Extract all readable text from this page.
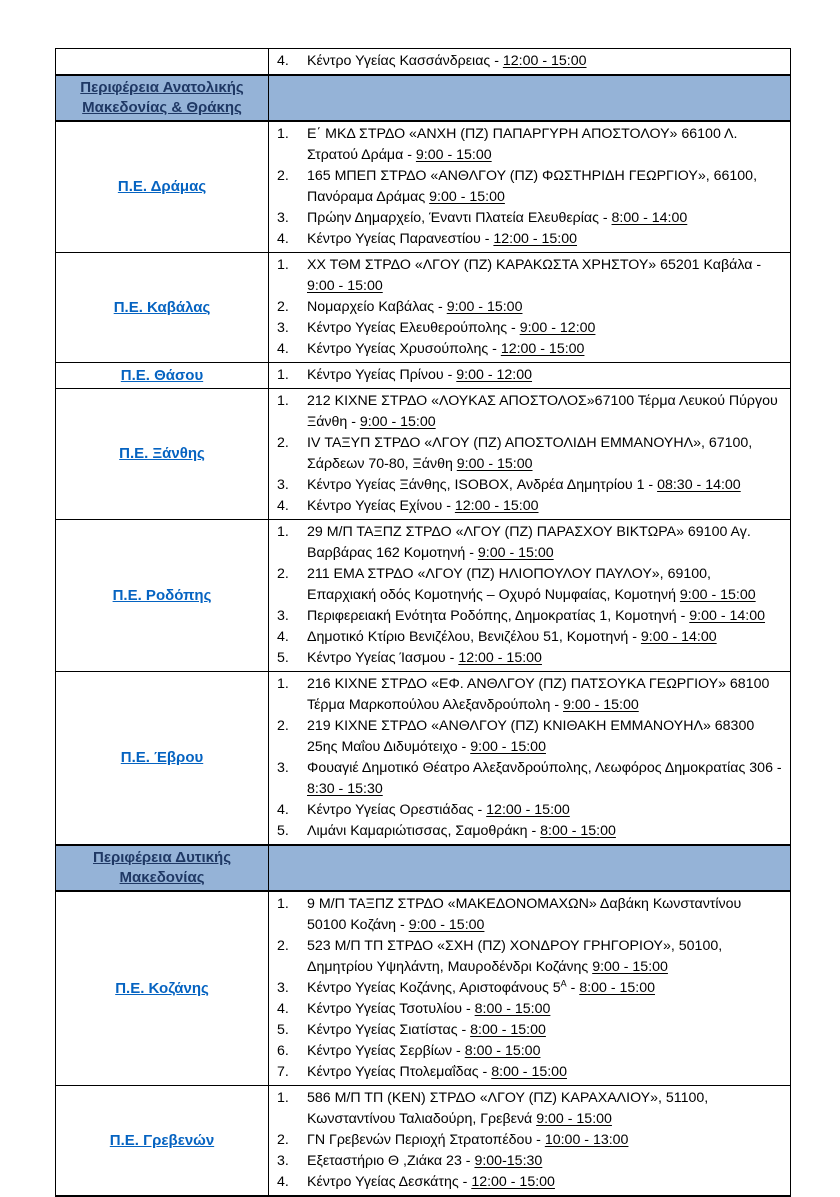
	4. Κέντρο Υγείας Κασσάνδρειας - 12:00 - 15:00

Περιφέρεια Ανατολικής Μακεδονίας & Θράκης	

Π.Ε. Δράμας	
1.	Ε΄ ΜΚΔ ΣΤΡΔΟ «ΑΝΧΗ (ΠΖ) ΠΑΠΑΡΓΥΡΗ ΑΠΟΣΤΟΛΟΥ» 66100 Λ. Στρατού Δράμα - 9:00 - 15:00
2.	165 ΜΠΕΠ ΣΤΡΔΟ «ΑΝΘΛΓΟΥ (ΠΖ) ΦΩΣΤΗΡΙΔΗ ΓΕΩΡΓΙΟΥ», 66100, Πανόραμα Δράμας 9:00 - 15:00
3.	Πρώην Δημαρχείο, Έναντι Πλατεία Ελευθερίας - 8:00 - 14:00
4.	Κέντρο Υγείας Παρανεστίου - 12:00 - 15:00

Π.Ε. Καβάλας	
1.	ΧΧ ΤΘΜ ΣΤΡΔΟ «ΛΓΟΥ (ΠΖ) ΚΑΡΑΚΩΣΤΑ ΧΡΗΣΤΟΥ» 65201 Καβάλα - 9:00 - 15:00
2.	Νομαρχείο Καβάλας - 9:00 - 15:00
3.	Κέντρο Υγείας Ελευθερούπολης - 9:00 - 12:00
4.	Κέντρο Υγείας Χρυσούπολης - 12:00 - 15:00

Π.Ε. Θάσου	1. Κέντρο Υγείας Πρίνου - 9:00 - 12:00

Π.Ε. Ξάνθης	
1.	212 ΚΙΧΝΕ ΣΤΡΔΟ «ΛΟΥΚΑΣ ΑΠΟΣΤΟΛΟΣ»67100 Τέρμα Λευκού Πύργου Ξάνθη - 9:00 - 15:00
2.	IV ΤΑΞΥΠ ΣΤΡΔΟ «ΛΓΟΥ (ΠΖ) ΑΠΟΣΤΟΛΙΔΗ ΕΜΜΑΝΟΥΗΛ», 67100, Σάρδεων 70-80, Ξάνθη 9:00 - 15:00
3.	Κέντρο Υγείας Ξάνθης, ISOBOX, Ανδρέα Δημητρίου 1 - 08:30 - 14:00
4.	Κέντρο Υγείας Εχίνου - 12:00 - 15:00

Π.Ε. Ροδόπης	
1.	29 Μ/Π ΤΑΞΠΖ ΣΤΡΔΟ «ΛΓΟΥ (ΠΖ) ΠΑΡΑΣΧΟΥ ΒΙΚΤΩΡΑ» 69100 Αγ. Βαρβάρας 162 Κομοτηνή - 9:00 - 15:00
2.	211 ΕΜΑ ΣΤΡΔΟ «ΛΓΟΥ (ΠΖ) ΗΛΙΟΠΟΥΛΟΥ ΠΑΥΛΟΥ», 69100, Επαρχιακή οδός Κομοτηνής – Οχυρό Νυμφαίας, Κομοτηνή 9:00 - 15:00
3.	Περιφερειακή Ενότητα Ροδόπης, Δημοκρατίας 1, Κομοτηνή - 9:00 - 14:00
4.	Δημοτικό Κτίριο Βενιζέλου, Βενιζέλου 51, Κομοτηνή - 9:00 - 14:00
5.	Κέντρο Υγείας Ίασμου - 12:00 - 15:00

Π.Ε. Έβρου	
1.	216 ΚΙΧΝΕ ΣΤΡΔΟ «ΕΦ. ΑΝΘΛΓΟΥ (ΠΖ) ΠΑΤΣΟΥΚΑ ΓΕΩΡΓΙΟΥ» 68100 Τέρμα Μαρκοπούλου Αλεξανδρούπολη - 9:00 - 15:00
2.	219 ΚΙΧΝΕ ΣΤΡΔΟ «ΑΝΘΛΓΟΥ (ΠΖ) ΚΝΙΘΑΚΗ ΕΜΜΑΝΟΥΗΛ» 68300 25ης Μαΐου Διδυμότειχο - 9:00 - 15:00
3.	Φουαγιέ Δημοτικό Θέατρο Αλεξανδρούπολης, Λεωφόρος Δημοκρατίας 306 - 8:30 - 15:30
4.	Κέντρο Υγείας Ορεστιάδας - 12:00 - 15:00
5.	Λιμάνι Καμαριώτισσας, Σαμοθράκη - 8:00 - 15:00

Περιφέρεια Δυτικής Μακεδονίας	

Π.Ε. Κοζάνης	
1.	9 Μ/Π ΤΑΞΠΖ ΣΤΡΔΟ «ΜΑΚΕΔΟΝΟΜΑΧΩΝ» Δαβάκη Κωνσταντίνου 50100 Κοζάνη - 9:00 - 15:00
2.	523 Μ/Π ΤΠ ΣΤΡΔΟ «ΣΧΗ (ΠΖ) ΧΟΝΔΡΟΥ ΓΡΗΓΟΡΙΟΥ», 50100, Δημητρίου Υψηλάντη, Μαυροδένδρι Κοζάνης 9:00 - 15:00
3.	Κέντρο Υγείας Κοζάνης, Αριστοφάνους $5^A$ - 8:00 - 15:00
4.	Κέντρο Υγείας Τσοτυλίου - 8:00 - 15:00
5.	Κέντρο Υγείας Σιατίστας - 8:00 - 15:00
6.	Κέντρο Υγείας Σερβίων - 8:00 - 15:00
7.	Κέντρο Υγείας Πτολεμαΐδας - 8:00 - 15:00

Π.Ε. Γρεβενών	
1.	586 Μ/Π ΤΠ (ΚΕΝ) ΣΤΡΔΟ «ΛΓΟΥ (ΠΖ) ΚΑΡΑΧΑΛΙΟΥ», 51100, Κωνσταντίνου Ταλιαδούρη, Γρεβενά 9:00 - 15:00
2.	ΓΝ Γρεβενών Περιοχή Στρατοπέδου - 10:00 - 13:00
3.	Εξεταστήριο Θ ,Ζιάκα 23 - 9:00-15:30
4.	Κέντρο Υγείας Δεσκάτης - 12:00 - 15:00
